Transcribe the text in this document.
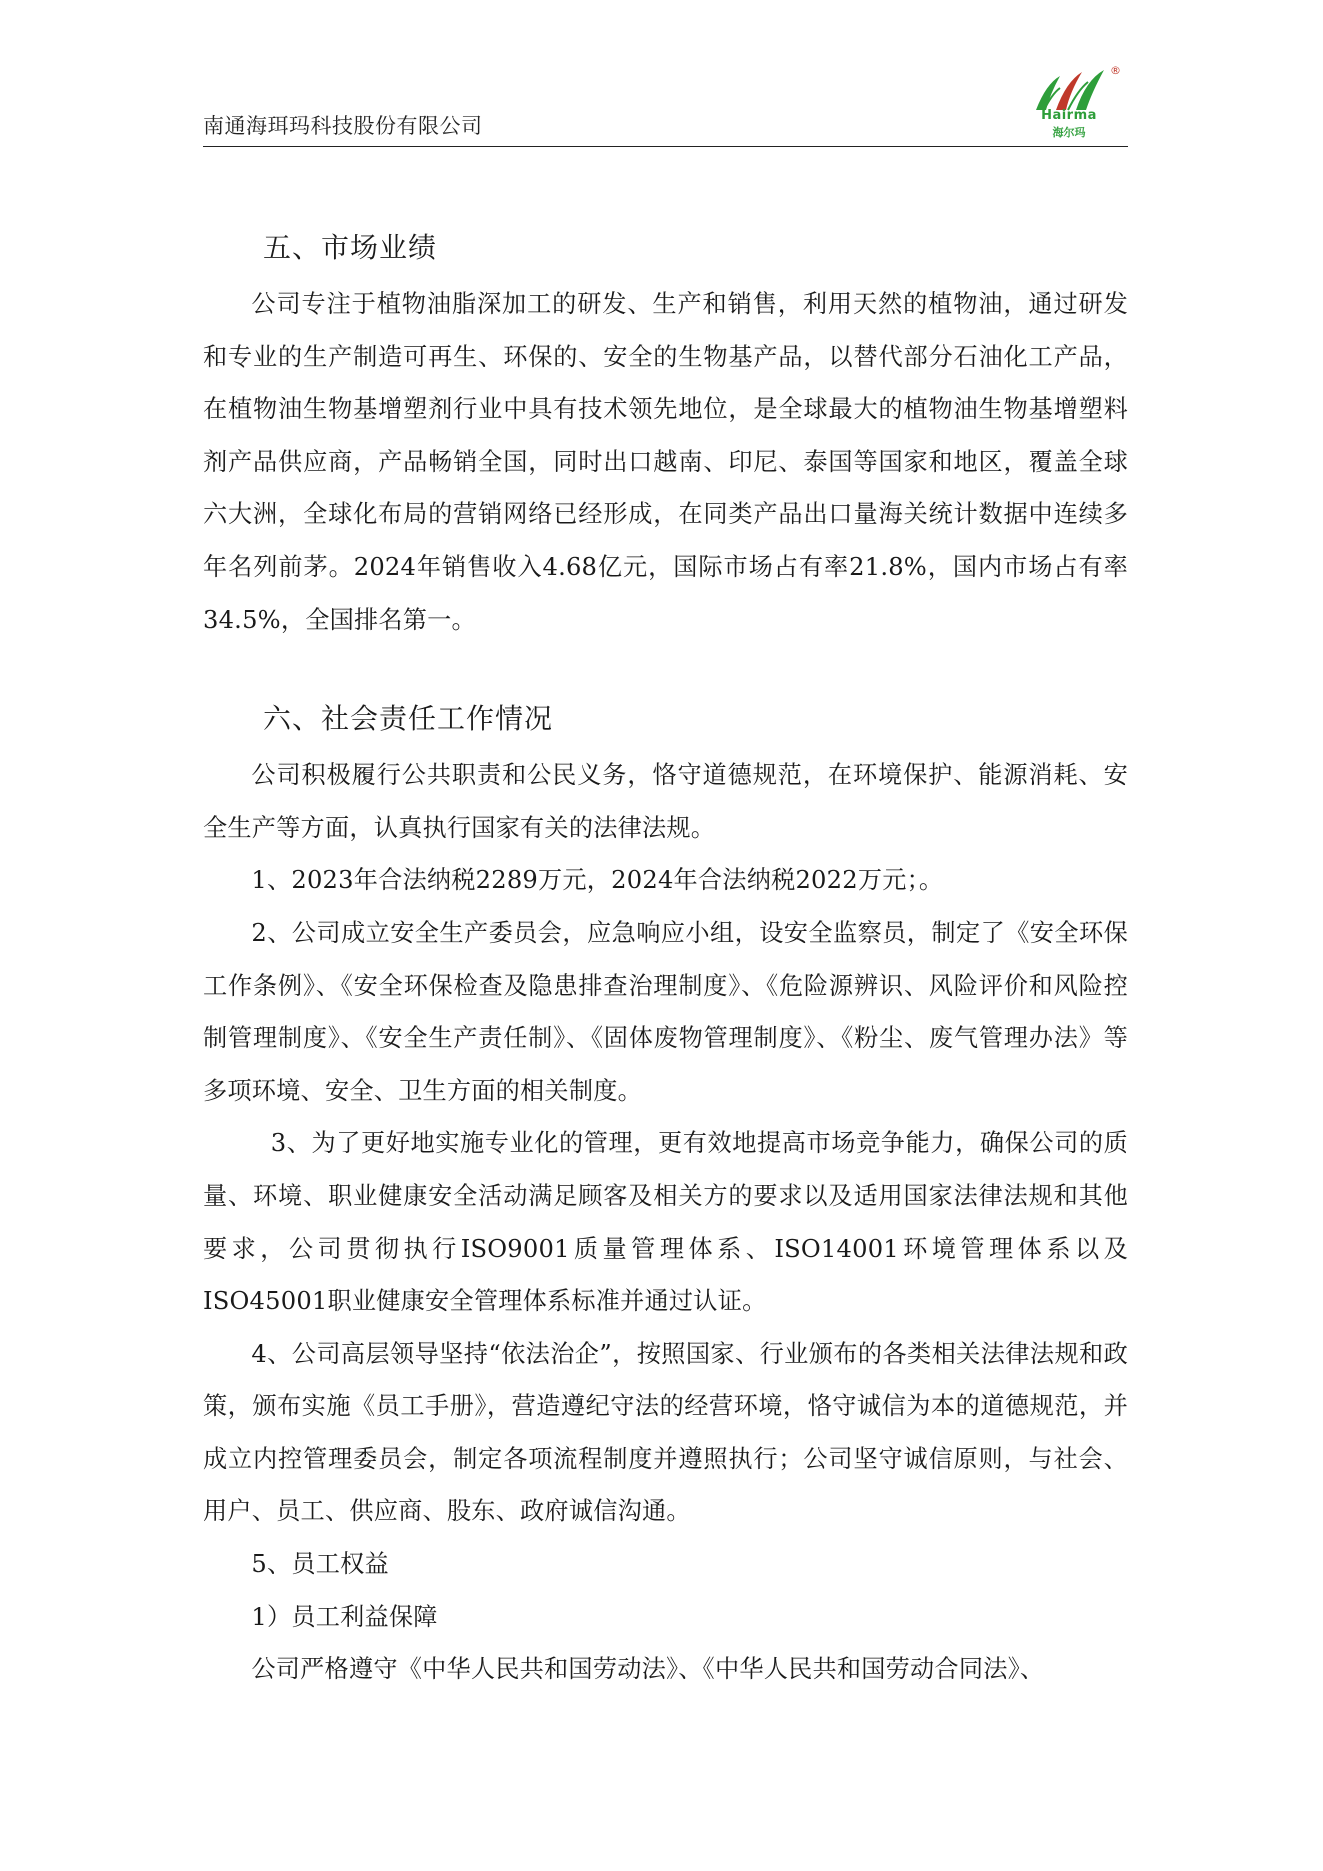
南通海珥玛科技股份有限公司
®
Hairma
海尔玛
五、市场业绩

公司专注于植物油脂深加工的研发、生产和销售，利用天然的植物油，通过研发和专业的生产制造可再生、环保的、安全的生物基产品，以替代部分石油化工产品，在植物油生物基增塑剂行业中具有技术领先地位，是全球最大的植物油生物基增塑料剂产品供应商，产品畅销全国，同时出口越南、印尼、泰国等国家和地区，覆盖全球六大洲，全球化布局的营销网络已经形成，在同类产品出口量海关统计数据中连续多年名列前茅。2024年销售收入4.68亿元，国际市场占有率21.8%，国内市场占有率34.5%，全国排名第一。

六、社会责任工作情况

公司积极履行公共职责和公民义务，恪守道德规范，在环境保护、能源消耗、安全生产等方面，认真执行国家有关的法律法规。

1、2023年合法纳税2289万元，2024年合法纳税2022万元；。

2、公司成立安全生产委员会，应急响应小组，设安全监察员，制定了《安全环保工作条例》、《安全环保检查及隐患排查治理制度》、《危险源辨识、风险评价和风险控制管理制度》、《安全生产责任制》、《固体废物管理制度》、《粉尘、废气管理办法》等多项环境、安全、卫生方面的相关制度。

3、为了更好地实施专业化的管理，更有效地提高市场竞争能力，确保公司的质量、环境、职业健康安全活动满足顾客及相关方的要求以及适用国家法律法规和其他要求，公司贯彻执行ISO9001质量管理体系、ISO14001环境管理体系以及ISO45001职业健康安全管理体系标准并通过认证。

4、公司高层领导坚持“依法治企”，按照国家、行业颁布的各类相关法律法规和政策，颁布实施《员工手册》，营造遵纪守法的经营环境，恪守诚信为本的道德规范，并成立内控管理委员会，制定各项流程制度并遵照执行；公司坚守诚信原则，与社会、用户、员工、供应商、股东、政府诚信沟通。

5、员工权益

1）员工利益保障

公司严格遵守《中华人民共和国劳动法》、《中华人民共和国劳动合同法》、
